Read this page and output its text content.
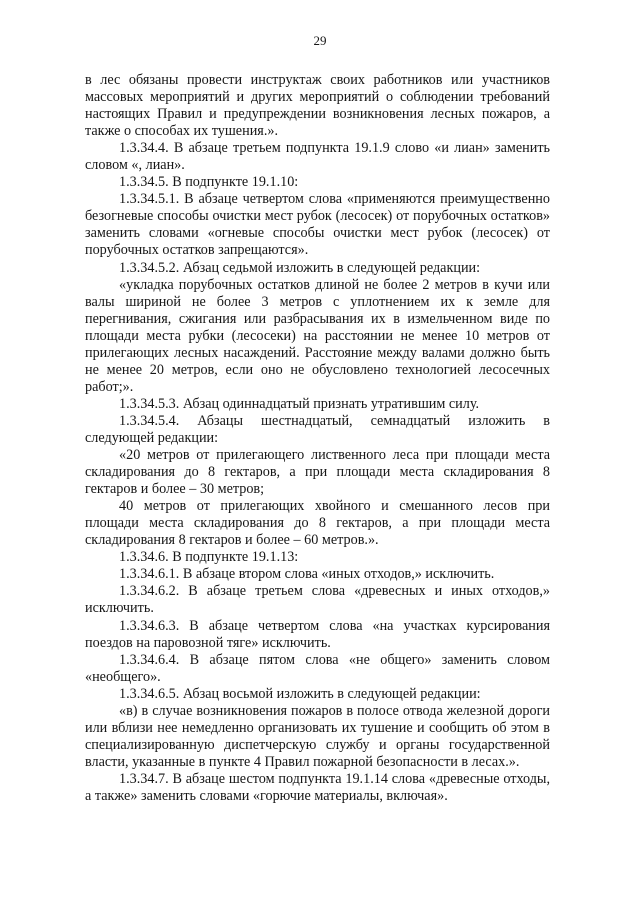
29

в лес обязаны провести инструктаж своих работников или участников массовых мероприятий и других мероприятий о соблюдении требований настоящих Правил и предупреждении возникновения лесных пожаров, а также о способах их тушения.».

1.3.34.4. В абзаце третьем подпункта 19.1.9 слово «и лиан» заменить словом «, лиан».

1.3.34.5. В подпункте 19.1.10:

1.3.34.5.1. В абзаце четвертом слова «применяются преимущественно безогневые способы очистки мест рубок (лесосек) от порубочных остатков» заменить словами «огневые способы очистки мест рубок (лесосек) от порубочных остатков запрещаются».

1.3.34.5.2. Абзац седьмой изложить в следующей редакции:

«укладка порубочных остатков длиной не более 2 метров в кучи или валы шириной не более 3 метров с уплотнением их к земле для перегнивания, сжигания или разбрасывания их в измельченном виде по площади места рубки (лесосеки) на расстоянии не менее 10 метров от прилегающих лесных насаждений. Расстояние между валами должно быть не менее 20 метров, если оно не обусловлено технологией лесосечных работ;».

1.3.34.5.3. Абзац одиннадцатый признать утратившим силу.

1.3.34.5.4. Абзацы шестнадцатый, семнадцатый изложить в следующей редакции:

«20 метров от прилегающего лиственного леса при площади места складирования до 8 гектаров, а при площади места складирования 8 гектаров и более – 30 метров;

40 метров от прилегающих хвойного и смешанного лесов при площади места складирования до 8 гектаров, а при площади места складирования 8 гектаров и более – 60 метров.».

1.3.34.6. В подпункте 19.1.13:

1.3.34.6.1. В абзаце втором слова «иных отходов,» исключить.

1.3.34.6.2. В абзаце третьем слова «древесных и иных отходов,» исключить.

1.3.34.6.3. В абзаце четвертом слова «на участках курсирования поездов на паровозной тяге» исключить.

1.3.34.6.4. В абзаце пятом слова «не общего» заменить словом «необщего».

1.3.34.6.5. Абзац восьмой изложить в следующей редакции:

«в) в случае возникновения пожаров в полосе отвода железной дороги или вблизи нее немедленно организовать их тушение и сообщить об этом в специализированную диспетчерскую службу и органы государственной власти, указанные в пункте 4 Правил пожарной безопасности в лесах.».

1.3.34.7. В абзаце шестом подпункта 19.1.14 слова «древесные отходы, а также» заменить словами «горючие материалы, включая».
